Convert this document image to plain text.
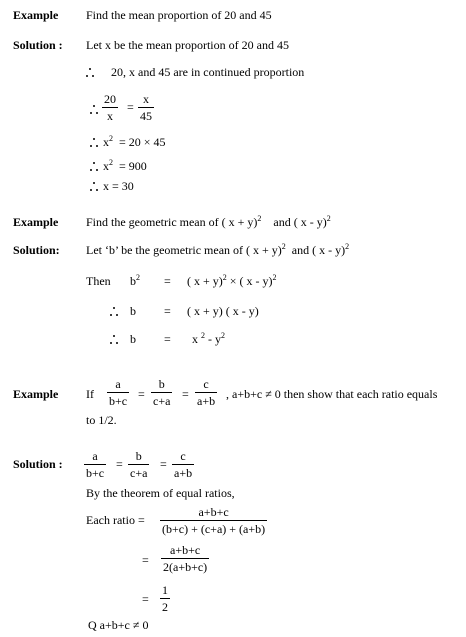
Example Find the mean proportion of 20 and 45
Solution : Let x be the mean proportion of 20 and 45
20, x and 45 are in continued proportion
$\frac{20}{x} = \frac{x}{45}$
$x^2 = 20 \times 45$
$x^2 = 900$
x = 30
Example Find the geometric mean of ( x + y)$^2$ and ( x - y)$^2$
Solution: Let ‘b’ be the geometric mean of ( x + y)$^2$ and ( x - y)$^2$
Then $b^2$ = ( x + y)$^2$ × ( x - y)$^2$
b = ( x + y) ( x - y)
b = x $^2 - y^2$
Example If $\frac{a}{b+c} = \frac{b}{c+a} = \frac{c}{a+b}$ , a+b+c ≠ 0 then show that each ratio equals
to 1/2.
Solution : $\frac{a}{b+c} = \frac{b}{c+a} = \frac{c}{a+b}$
By the theorem of equal ratios,
Each ratio = $\frac{a+b+c}{(b+c) + (c+a) + (a+b)}$
= $\frac{a+b+c}{2(a+b+c)}$
= $\frac{1}{2}$
Q a+b+c ≠ 0
